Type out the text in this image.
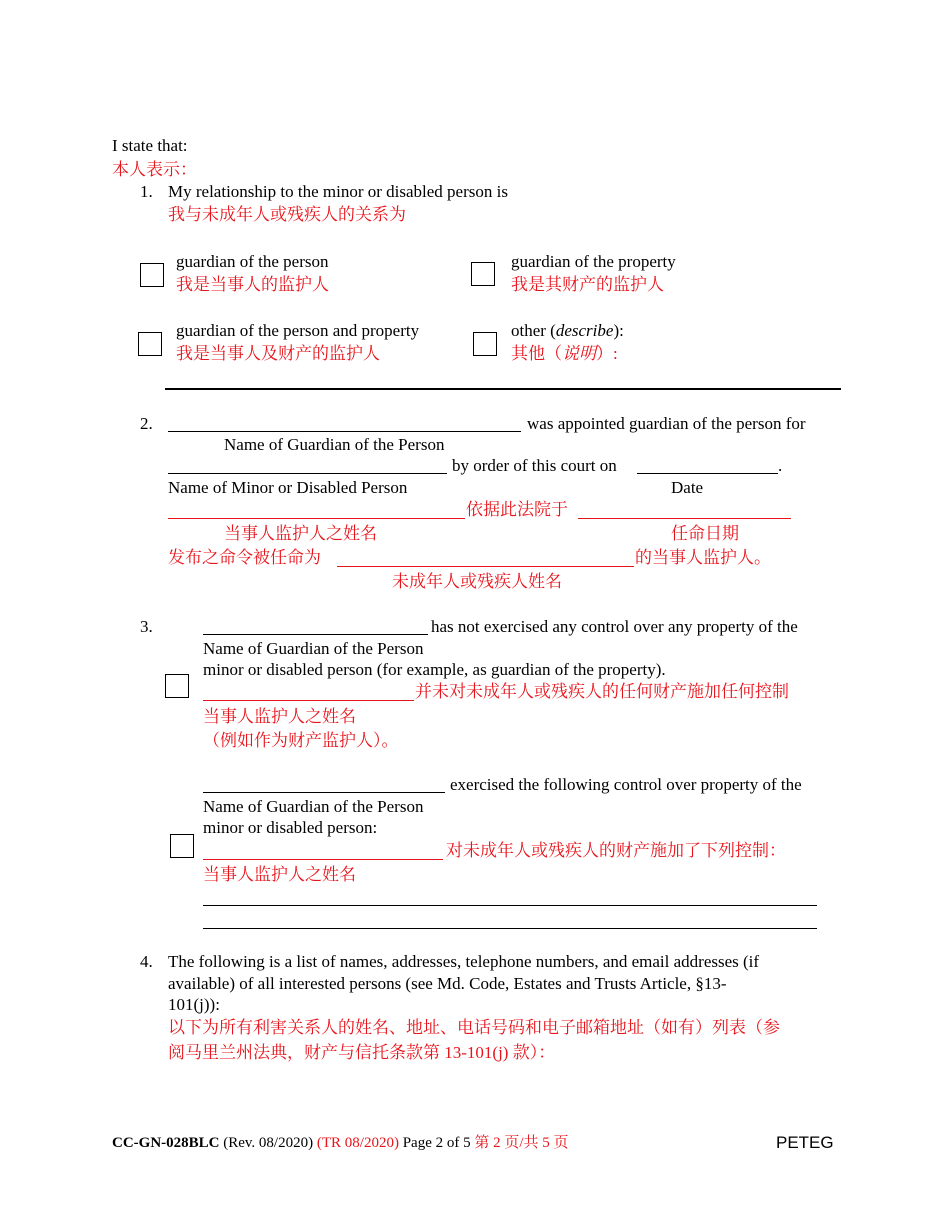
I state that:
本人表示：
1. My relationship to the minor or disabled person is
我与未成年人或残疾人的关系为
guardian of the person
我是当事人的监护人
guardian of the property
我是其财产的监护人
guardian of the person and property
我是当事人及财产的监护人
other (describe):
其他（说明）:
2.	was appointed guardian of the person for
Name of Guardian of the Person
by order of this court on	.
Name of Minor or Disabled Person	Date
依据此法院于
当事人监护人之姓名	任命日期
发布之命令被任命为	的当事人监护人。
未成年人或残疾人姓名
3.	has not exercised any control over any property of the
Name of Guardian of the Person
minor or disabled person (for example, as guardian of the property).
并未对未成年人或残疾人的任何财产施加任何控制
当事人监护人之姓名
（例如作为财产监护人）。
exercised the following control over property of the
Name of Guardian of the Person
minor or disabled person:
对未成年人或残疾人的财产施加了下列控制：
当事人监护人之姓名
4. The following is a list of names, addresses, telephone numbers, and email addresses (if
available) of all interested persons (see Md. Code, Estates and Trusts Article, §13-
101(j)):
以下为所有利害关系人的姓名、地址、电话号码和电子邮箱地址（如有）列表（参
阅马里兰州法典，财产与信托条款第 13-101(j) 款）：
CC-GN-028BLC (Rev. 08/2020) (TR 08/2020) Page 2 of 5 第 2 页/共 5 页	PETEG
